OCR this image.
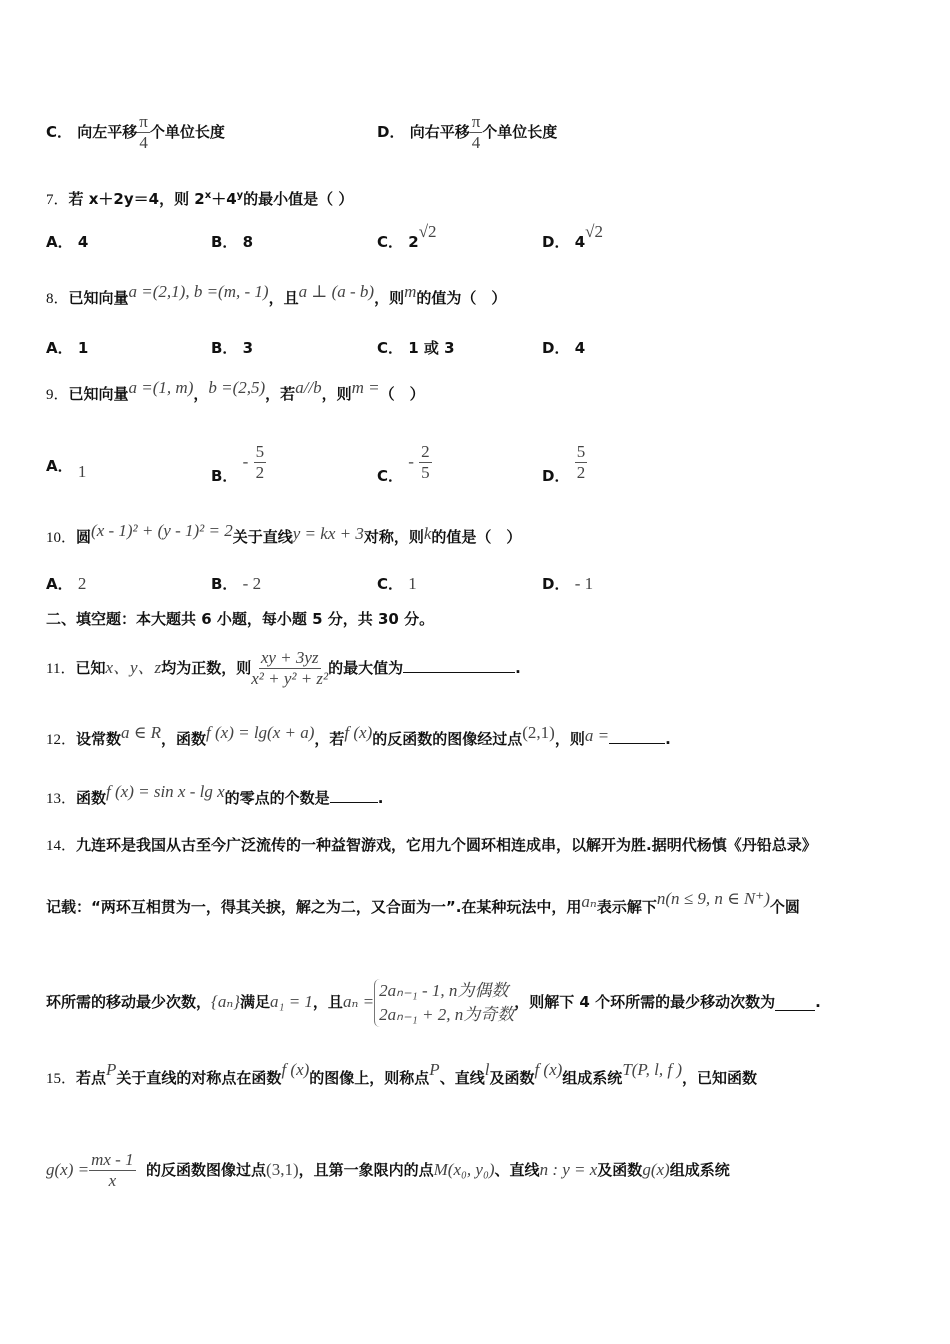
C． 向左平移 $\frac{\pi}{4}$ 个单位长度	D． 向右平移 $\frac{\pi}{4}$ 个单位长度
7．若 x＋2y＝4，则 $2^x+4^y$的最小值是（ ）
A． 4	B． 8	C． 2√2
D． 4√2
8．已知向量a =(2,1), b =(m, - 1)，且a ⊥ (a - b)，则m的值为（　）
A． 1	B． 3	C． 1 或 3	D． 4
9．已知向量a =(1, m)，b =(2,5)，若a//b，则m =（　）
A． 1	B． - $\frac{5}{2}$	C． - $\frac{2}{5}$	D． $\frac{5}{2}$
10．圆(x - 1)² + (y - 1)² = 2关于直线y = kx + 3对称，则k的值是（　）
A． 2	B． - 2	C． 1	D． - 1
二、填空题：本大题共 6 小题，每小题 5 分，共 30 分。
11．已知x、y、z均为正数，则 $\frac{xy + 3yz}{\text{x² + y² + z²}}$ 的最大值为	.
12．设常数a ∈ R，函数f (x) = lg(x + a)，若f (x)的反函数的图像经过点(2,1)，则a =	.
13．函数f (x) = sin x - lg x的零点的个数是	.
14．九连环是我国从古至今广泛流传的一种益智游戏，它用九个圆环相连成串，以解开为胜.据明代杨慎《丹铅总录》
记载：“两环互相贯为一，得其关捩，解之为二，又合面为一”.在某种玩法中，用aₙ表示解下n(n ≤ 9, n ∈ N⁺)个圆
环所需的移动最少次数，{aₙ}满足a₁ = 1，且aₙ =
2aₙ₋₁ - 1, n为偶数
2aₙ₋₁ + 2, n为奇数
，则解下 4 个环所需的最少移动次数为	.
15．若点P关于直线的对称点在函数f (x)的图像上，则称点P、直线l及函数f (x)组成系统T(P, l, f )，已知函数
$g(x) = \frac{mx - 1}{x}$ 的反函数图像过点(3,1)，且第一象限内的点M(x₀, y₀)、直线n : y = x及函数g(x)组成系统
